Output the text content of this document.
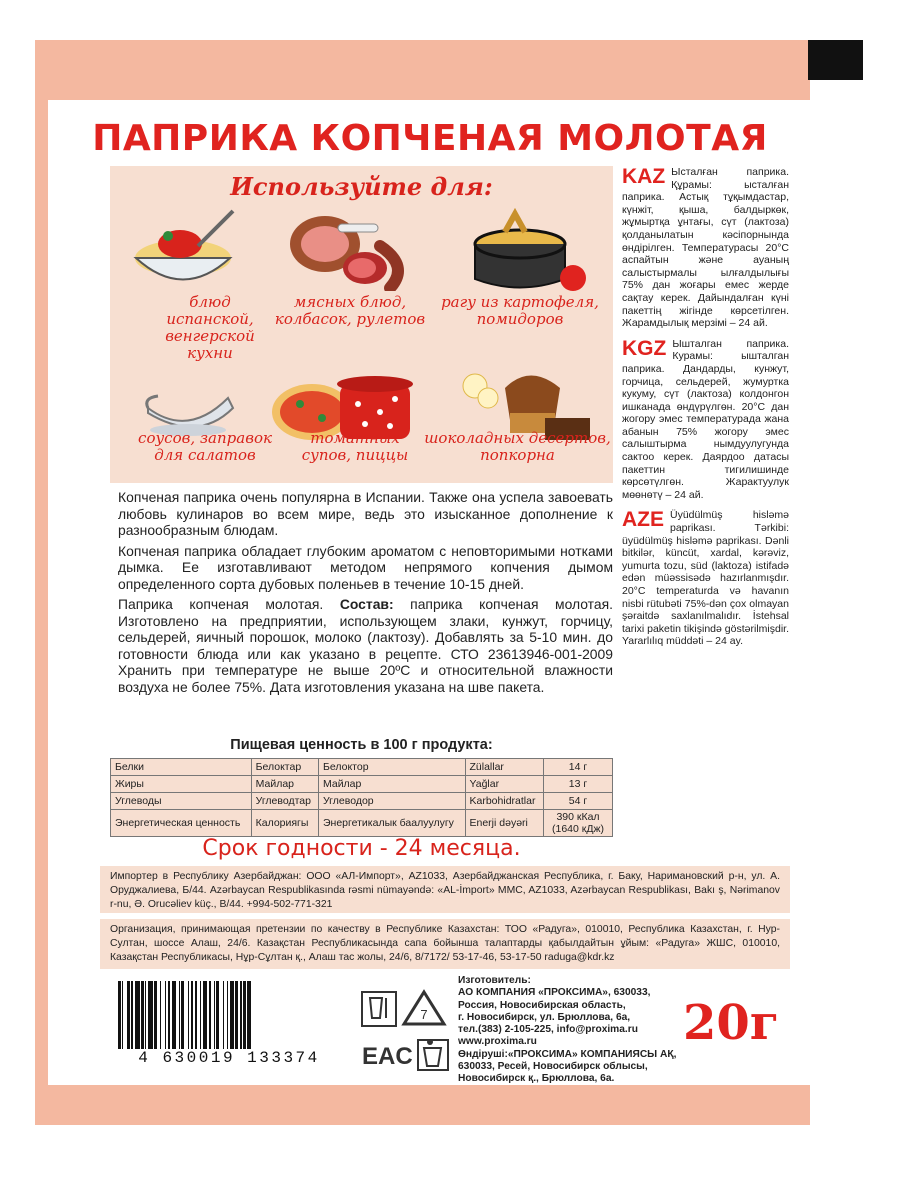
ПАПРИКА КОПЧЕНАЯ МОЛОТАЯ
Используйте для:
блюд
испанской,
венгерской
кухни
мясных блюд,
колбасок, рулетов
рагу из картофеля,
помидоров
соусов, заправок
для салатов
томатных
супов, пиццы
шоколадных десертов,
попкорна
KAZ Ысталған паприка. Құрамы: ысталған паприка. Астық тұқымдастар, күнжіт, қыша, балдыркөк, жұмыртқа ұнтағы, сүт (лактоза) қолданылатын кәсіпорнында өндірілген. Температурасы 20°С аспайтын және ауаның салыстырмалы ылғалдылығы 75% дан жоғары емес жерде сақтау керек. Дайындалған күні пакеттің жігінде көрсетілген. Жарамдылық мерзімі – 24 ай.
KGZ Ышталган паприка. Курамы: ышталган паприка. Дандарды, кунжут, горчица, сельдерей, жумуртка кукуму, сүт (лактоза) колдонгон ишканада өндүрүлгөн. 20°С дан жогору эмес температурада жана абанын 75% жогору эмес салыштырма нымдуулугунда сактоо керек. Даярдоо датасы пакеттин тигилишинде көрсөтүлгөн. Жарактуулук мөөнөтү – 24 ай.
AZE Üyüdülmüş hisləmə paprikası. Tərkibi: üyüdülmüş hisləmə paprikası. Dənli bitkilər, küncüt, xardal, kərəviz, yumurta tozu, süd (laktoza) istifadə edən müəssisədə hazırlanmışdır. 20°C temperaturda və havanın nisbi rütubəti 75%-dən çox olmayan şəraitdə saxlanılmalıdır. İstehsal tarixi paketin tikişində göstərilmişdir. Yararlılıq müddəti – 24 ay.

Копченая паприка очень популярна в Испании. Также она успела завоевать любовь кулинаров во всем мире, ведь это изысканное дополнение к разнообразным блюдам.

Копченая паприка обладает глубоким ароматом с неповторимыми нотками дымка. Ее изготавливают методом непрямого копчения дымом определенного сорта дубовых поленьев в течение 10-15 дней.

Паприка копченая молотая. Состав: паприка копченая молотая. Изготовлено на предприятии, использующем злаки, кунжут, горчицу, сельдерей, яичный порошок, молоко (лактозу). Добавлять за 5-10 мин. до готовности блюда или как указано в рецепте. СТО 23613946-001-2009 Хранить при температуре не выше 20ºС и относительной влажности воздуха не более 75%. Дата изготовления указана на шве пакета.

Пищевая ценность в 100 г продукта:
Белки	Белоктар	Белоктор	Zülallar	14 г
Жиры	Майлар	Майлар	Yağlar	13 г
Углеводы	Углеводтар	Углеводор	Karbohidratlar	54 г
Энергетическая ценность	Калориягы	Энергетикалык баалуулугу	Enerji dəyəri	390 кКал (1640 кДж)
Срок годности - 24 месяца.
Импортер в Республику Азербайджан: ООО «АЛ-Импорт», AZ1033, Азербайджанская Республика, г. Баку, Наримановский р-н, ул. А. Оруджалиева, Б/44. Azərbaycan Respublikasında rəsmi nümayəndə: «AL-İmport» MMC, AZ1033, Azərbaycan Respublikası, Bakı ş, Nərimanov r-nu, Ə. Orucəliev küç., B/44. +994-502-771-321
Организация, принимающая претензии по качеству в Республике Казахстан: ТОО «Радуга», 010010, Республика Казахстан, г. Нур-Султан, шоссе Алаш, 24/6. Казақстан Республикасында сапа бойынша талаптарды қабылдайтын ұйым: «Радуга» ЖШС, 010010, Казақстан Республикасы, Нұр-Сұлтан қ., Алаш тас жолы, 24/6, 8/7172/ 53-17-46, 53-17-50 raduga@kdr.kz
4 630019 133374
7
EAC
Изготовитель:
АО КОМПАНИЯ «ПРОКСИМА», 630033,
Россия, Новосибирская область,
г. Новосибирск, ул. Брюллова, 6а,
тел.(383) 2-105-225, info@proxima.ru
www.proxima.ru
Өндіруші:«ПРОКСИМА» КОМПАНИЯСЫ АҚ,
630033, Ресей, Новосибирск облысы,
Новосибирск қ., Брюллова, 6а.
20г
